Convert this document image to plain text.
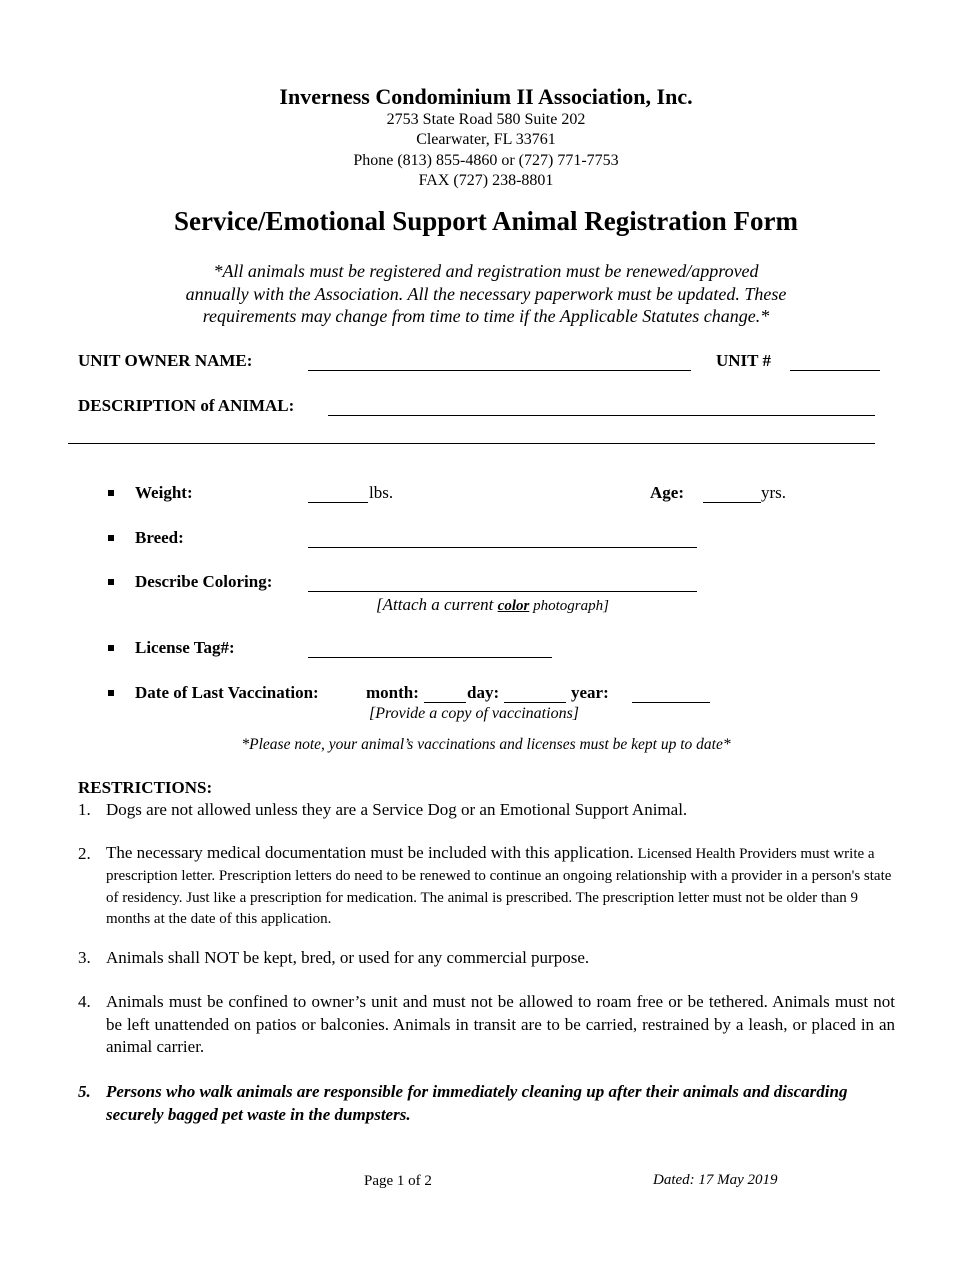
Inverness Condominium II Association, Inc.
2753 State Road 580 Suite 202
Clearwater, FL 33761
Phone (813) 855-4860 or (727) 771-7753
FAX (727) 238-8801
Service/Emotional Support Animal Registration Form
*All animals must be registered and registration must be renewed/approved
annually with the Association. All the necessary paperwork must be updated. These
requirements may change from time to time if the Applicable Statutes change.*
UNIT OWNER NAME:	UNIT #
DESCRIPTION of ANIMAL:
Weight:	lbs.	Age:	yrs.
Breed:
Describe Coloring:
[Attach a current color photograph]
License Tag#:
Date of Last Vaccination:	month:	day:	year:
[Provide a copy of vaccinations]
*Please note, your animal’s vaccinations and licenses must be kept up to date*
RESTRICTIONS:
1. Dogs are not allowed unless they are a Service Dog or an Emotional Support Animal.
2. The necessary medical documentation must be included with this application. Licensed Health Providers must write a prescription letter. Prescription letters do need to be renewed to continue an ongoing relationship with a provider in a person's state of residency. Just like a prescription for medication. The animal is prescribed. The prescription letter must not be older than 9 months at the date of this application.
3. Animals shall NOT be kept, bred, or used for any commercial purpose.
4. Animals must be confined to owner’s unit and must not be allowed to roam free or be tethered. Animals must not be left unattended on patios or balconies. Animals in transit are to be carried, restrained by a leash, or placed in an animal carrier.
5. Persons who walk animals are responsible for immediately cleaning up after their animals and discarding securely bagged pet waste in the dumpsters.
Page 1 of 2	Dated: 17 May 2019
